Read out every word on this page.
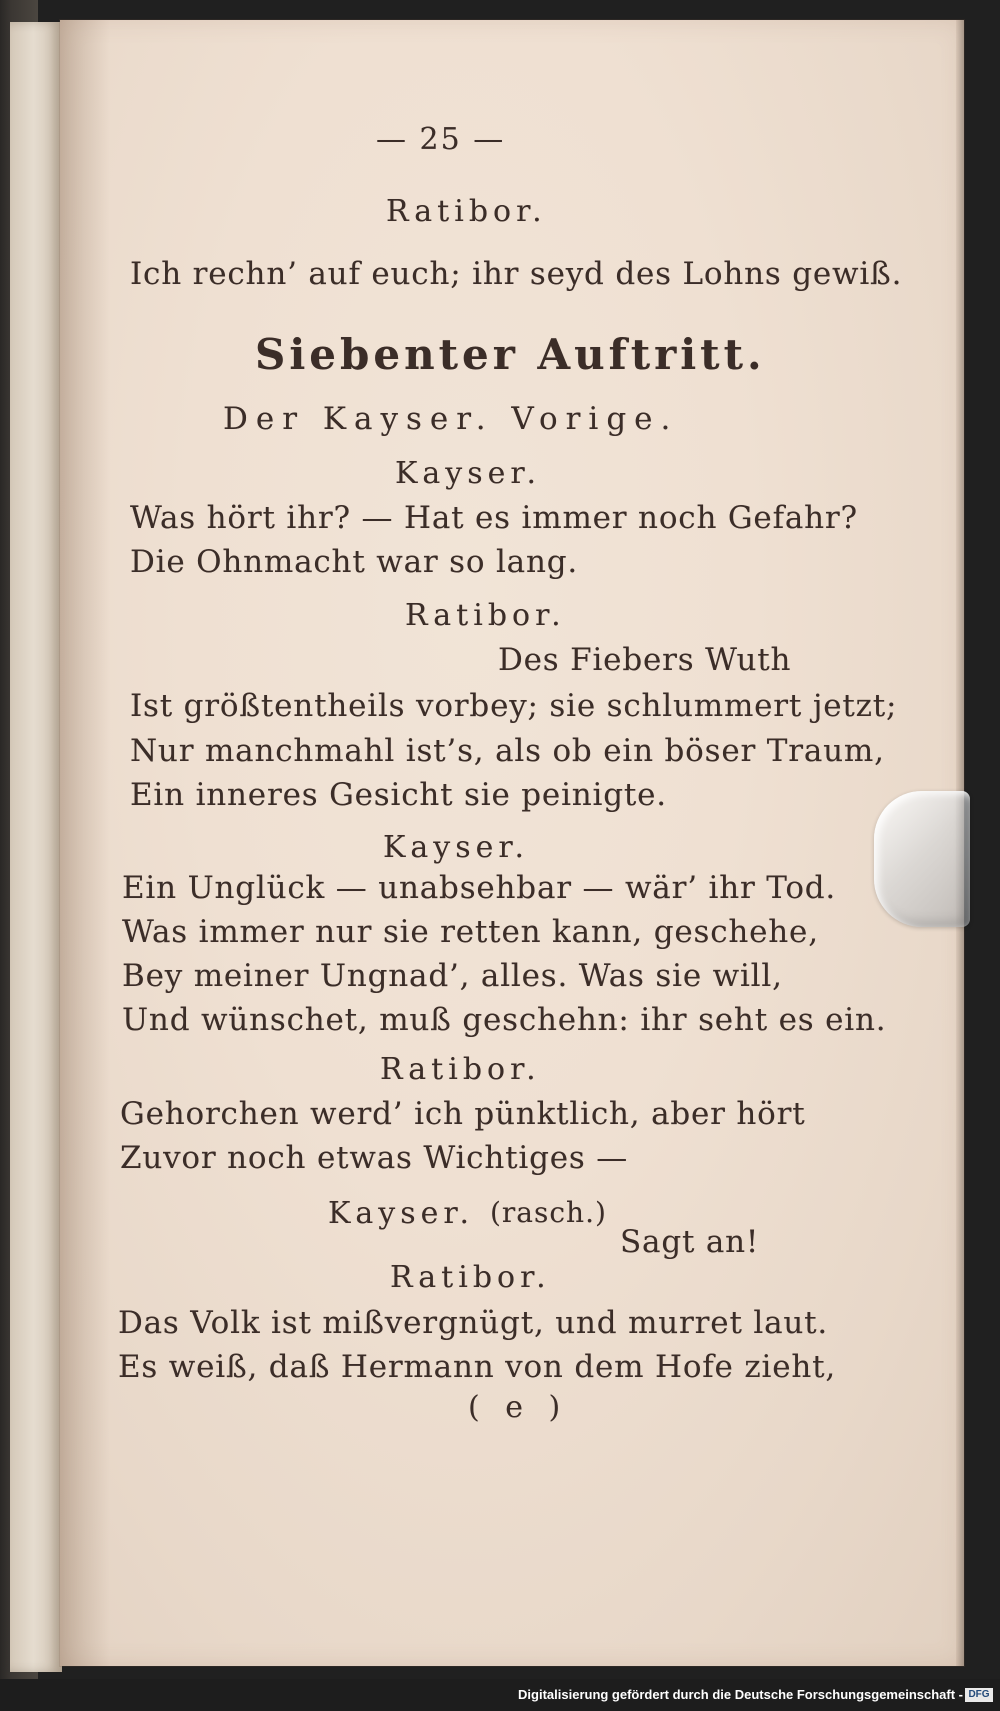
— 25 —
Ratibor.
Ich rechn’ auf euch; ihr seyd des Lohns gewiß.
Siebenter Auftritt.
Der Kayser. Vorige.
Kayser.
Was hört ihr? — Hat es immer noch Gefahr?
Die Ohnmacht war so lang.
Ratibor.
Des Fiebers Wuth
Ist größtentheils vorbey; sie schlummert jetzt;
Nur manchmahl ist’s, als ob ein böser Traum,
Ein inneres Gesicht sie peinigte.
Kayser.
Ein Unglück — unabsehbar — wär’ ihr Tod.
Was immer nur sie retten kann, geschehe,
Bey meiner Ungnad’, alles. Was sie will,
Und wünschet, muß geschehn: ihr seht es ein.
Ratibor.
Gehorchen werd’ ich pünktlich, aber hört
Zuvor noch etwas Wichtiges —
Kayser. (rasch.)
Sagt an!
Ratibor.
Das Volk ist mißvergnügt, und murret laut.
Es weiß, daß Hermann von dem Hofe zieht,
( e )
Digitalisierung gefördert durch die Deutsche Forschungsgemeinschaft - DFG
